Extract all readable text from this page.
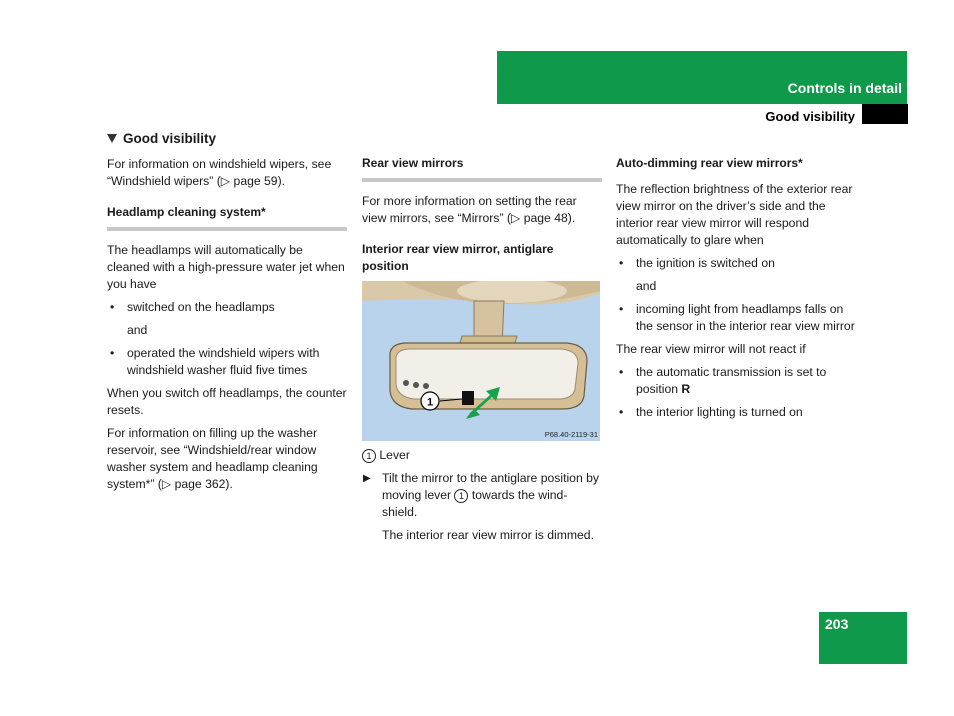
Controls in detail
Good visibility
Good visibility

For information on windshield wipers, see “Windshield wipers” (▷ page 59).

Headlamp cleaning system*

The headlamps will automatically be cleaned with a high-pressure water jet when you have

• switched on the headlamps
and
• operated the windshield wipers with windshield washer fluid five times

When you switch off headlamps, the counter resets.

For information on filling up the washer reservoir, see “Windshield/rear window washer system and headlamp cleaning system*” (▷ page 362).

Rear view mirrors

For more information on setting the rear view mirrors, see “Mirrors” (▷ page 48).

Interior rear view mirror, antiglare position
1
P68.40-2119-31

1 Lever

▶ Tilt the mirror to the antiglare position by moving lever 1 towards the wind-shield.
The interior rear view mirror is dimmed.
Auto-dimming rear view mirrors*

The reflection brightness of the exterior rear view mirror on the driver’s side and the interior rear view mirror will respond automatically to glare when

• the ignition is switched on
and
• incoming light from headlamps falls on the sensor in the interior rear view mirror

The rear view mirror will not react if

• the automatic transmission is set to position R
• the interior lighting is turned on
203
